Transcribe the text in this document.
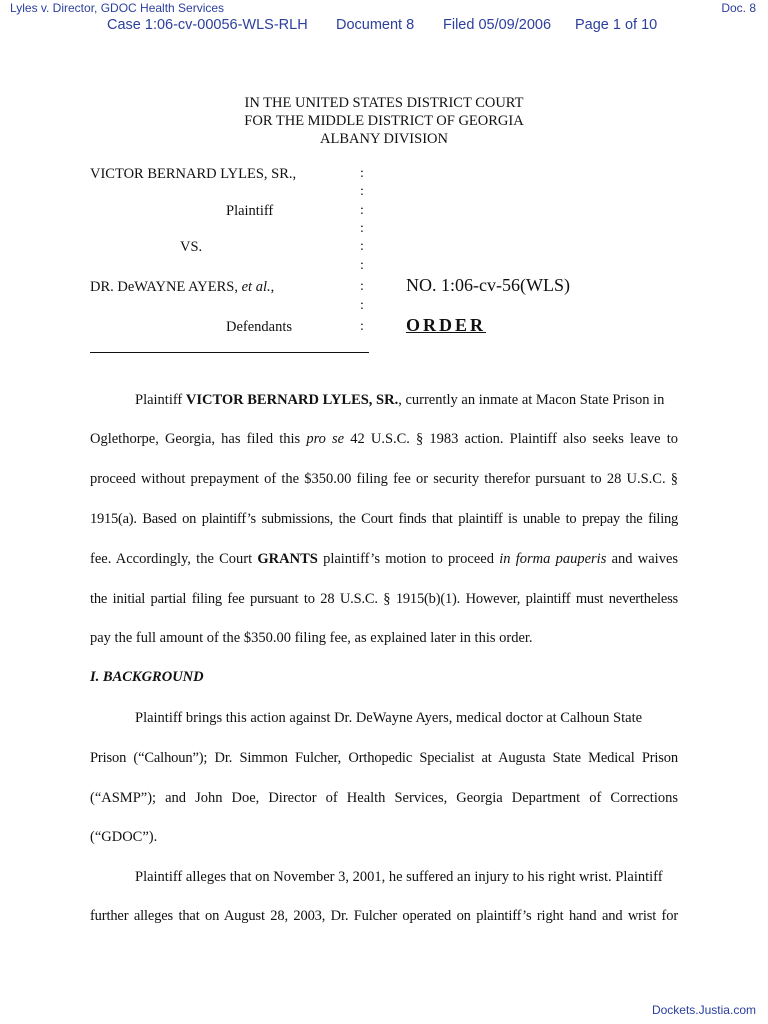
Lyles v. Director, GDOC Health Services	Doc. 8
Case 1:06-cv-00056-WLS-RLH Document 8 Filed 05/09/2006 Page 1 of 10
IN THE UNITED STATES DISTRICT COURT
FOR THE MIDDLE DISTRICT OF GEORGIA
ALBANY DIVISION
VICTOR BERNARD LYLES, SR.,
Plaintiff
VS.
DR. DeWAYNE AYERS, et al.,
Defendants
:
:
:
:
:
:
:
:
:
NO. 1:06-cv-56(WLS)
ORDER
Plaintiff VICTOR BERNARD LYLES, SR., currently an inmate at Macon State Prison in
Oglethorpe, Georgia, has filed this pro se 42 U.S.C. § 1983 action. Plaintiff also seeks leave to
proceed without prepayment of the $350.00 filing fee or security therefor pursuant to 28 U.S.C. §
1915(a). Based on plaintiff’s submissions, the Court finds that plaintiff is unable to prepay the filing
fee. Accordingly, the Court GRANTS plaintiff’s motion to proceed in forma pauperis and waives
the initial partial filing fee pursuant to 28 U.S.C. § 1915(b)(1). However, plaintiff must nevertheless
pay the full amount of the $350.00 filing fee, as explained later in this order.
I. BACKGROUND
Plaintiff brings this action against Dr. DeWayne Ayers, medical doctor at Calhoun State
Prison (“Calhoun”); Dr. Simmon Fulcher, Orthopedic Specialist at Augusta State Medical Prison
(“ASMP”); and John Doe, Director of Health Services, Georgia Department of Corrections
(“GDOC”).
Plaintiff alleges that on November 3, 2001, he suffered an injury to his right wrist. Plaintiff
further alleges that on August 28, 2003, Dr. Fulcher operated on plaintiff’s right hand and wrist for
Dockets.Justia.com
